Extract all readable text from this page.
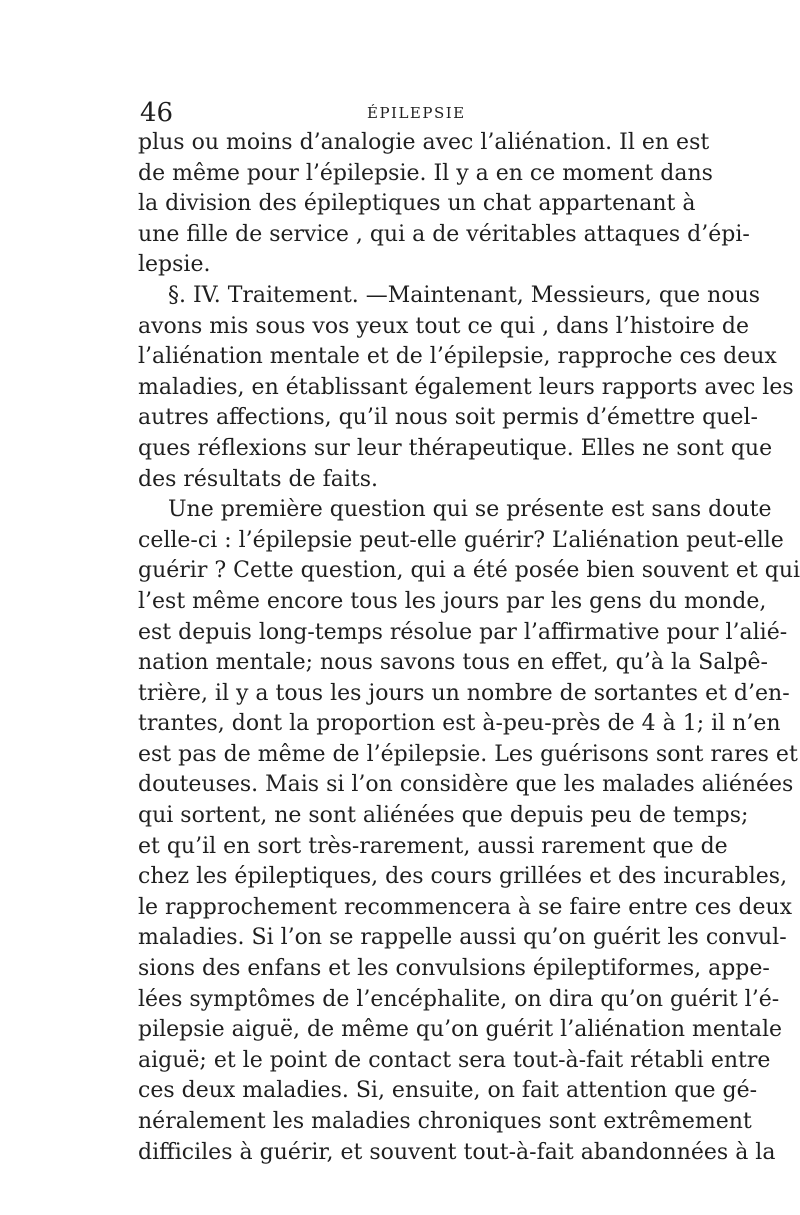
46	ÉPILEPSIE
plus ou moins d’analogie avec l’aliénation. Il en est
de même pour l’épilepsie. Il y a en ce moment dans
la division des épileptiques un chat appartenant à
une fille de service , qui a de véritables attaques d’épi-
lepsie.
§. IV. Traitement. —Maintenant, Messieurs, que nous
avons mis sous vos yeux tout ce qui , dans l’histoire de
l’aliénation mentale et de l’épilepsie, rapproche ces deux
maladies, en établissant également leurs rapports avec les
autres affections, qu’il nous soit permis d’émettre quel-
ques réflexions sur leur thérapeutique. Elles ne sont que
des résultats de faits.
Une première question qui se présente est sans doute
celle-ci : l’épilepsie peut-elle guérir? L’aliénation peut-elle
guérir ? Cette question, qui a été posée bien souvent et qui
l’est même encore tous les jours par les gens du monde,
est depuis long-temps résolue par l’affirmative pour l’alié-
nation mentale; nous savons tous en effet, qu’à la Salpê-
trière, il y a tous les jours un nombre de sortantes et d’en-
trantes, dont la proportion est à-peu-près de 4 à 1; il n’en
est pas de même de l’épilepsie. Les guérisons sont rares et
douteuses. Mais si l’on considère que les malades aliénées
qui sortent, ne sont aliénées que depuis peu de temps;
et qu’il en sort très-rarement, aussi rarement que de
chez les épileptiques, des cours grillées et des incurables,
le rapprochement recommencera à se faire entre ces deux
maladies. Si l’on se rappelle aussi qu’on guérit les convul-
sions des enfans et les convulsions épileptiformes, appe-
lées symptômes de l’encéphalite, on dira qu’on guérit l’é-
pilepsie aiguë, de même qu’on guérit l’aliénation mentale
aiguë; et le point de contact sera tout-à-fait rétabli entre
ces deux maladies. Si, ensuite, on fait attention que gé-
néralement les maladies chroniques sont extrêmement
difficiles à guérir, et souvent tout-à-fait abandonnées à la
